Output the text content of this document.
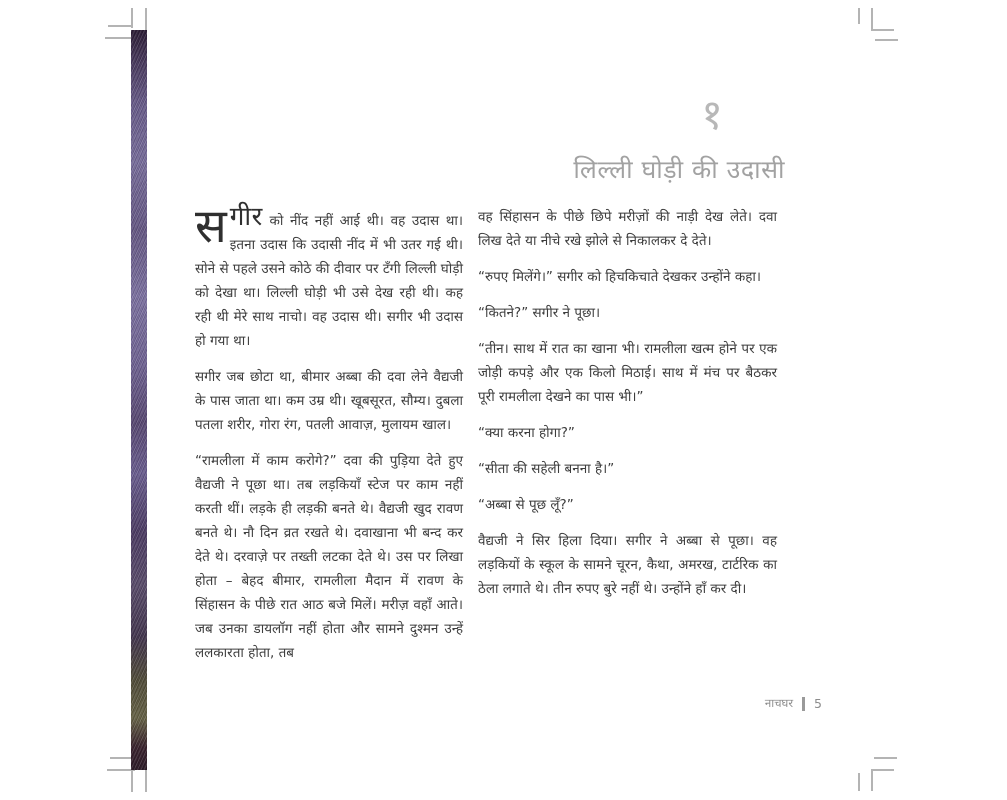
१
लिल्ली घोड़ी की उदासी

सगीर को नींद नहीं आई थी। वह उदास था। इतना उदास कि उदासी नींद में भी उतर गई थी। सोने से पहले उसने कोठे की दीवार पर टँगी लिल्ली घोड़ी को देखा था। लिल्ली घोड़ी भी उसे देख रही थी। कह रही थी मेरे साथ नाचो। वह उदास थी। सगीर भी उदास हो गया था।

सगीर जब छोटा था, बीमार अब्बा की दवा लेने वैद्यजी के पास जाता था। कम उम्र थी। खूबसूरत, सौम्य। दुबला पतला शरीर, गोरा रंग, पतली आवाज़, मुलायम खाल।

“रामलीला में काम करोगे?” दवा की पुड़िया देते हुए वैद्यजी ने पूछा था। तब लड़कियाँ स्टेज पर काम नहीं करती थीं। लड़के ही लड़की बनते थे। वैद्यजी खुद रावण बनते थे। नौ दिन व्रत रखते थे। दवाखाना भी बन्द कर देते थे। दरवाज़े पर तख्ती लटका देते थे। उस पर लिखा होता – बेहद बीमार, रामलीला मैदान में रावण के सिंहासन के पीछे रात आठ बजे मिलें। मरीज़ वहाँ आते। जब उनका डायलॉग नहीं होता और सामने दुश्मन उन्हें ललकारता होता, तब

वह सिंहासन के पीछे छिपे मरीज़ों की नाड़ी देख लेते। दवा लिख देते या नीचे रखे झोले से निकालकर दे देते।

“रुपए मिलेंगे।” सगीर को हिचकिचाते देखकर उन्होंने कहा।

“कितने?” सगीर ने पूछा।

“तीन। साथ में रात का खाना भी। रामलीला खत्म होने पर एक जोड़ी कपड़े और एक किलो मिठाई। साथ में मंच पर बैठकर पूरी रामलीला देखने का पास भी।”

“क्या करना होगा?”

“सीता की सहेली बनना है।”

“अब्बा से पूछ लूँ?”

वैद्यजी ने सिर हिला दिया। सगीर ने अब्बा से पूछा। वह लड़कियों के स्कूल के सामने चूरन, कैथा, अमरख, टार्टरिक का ठेला लगाते थे। तीन रुपए बुरे नहीं थे। उन्होंने हाँ कर दी।

नाचघर 5
